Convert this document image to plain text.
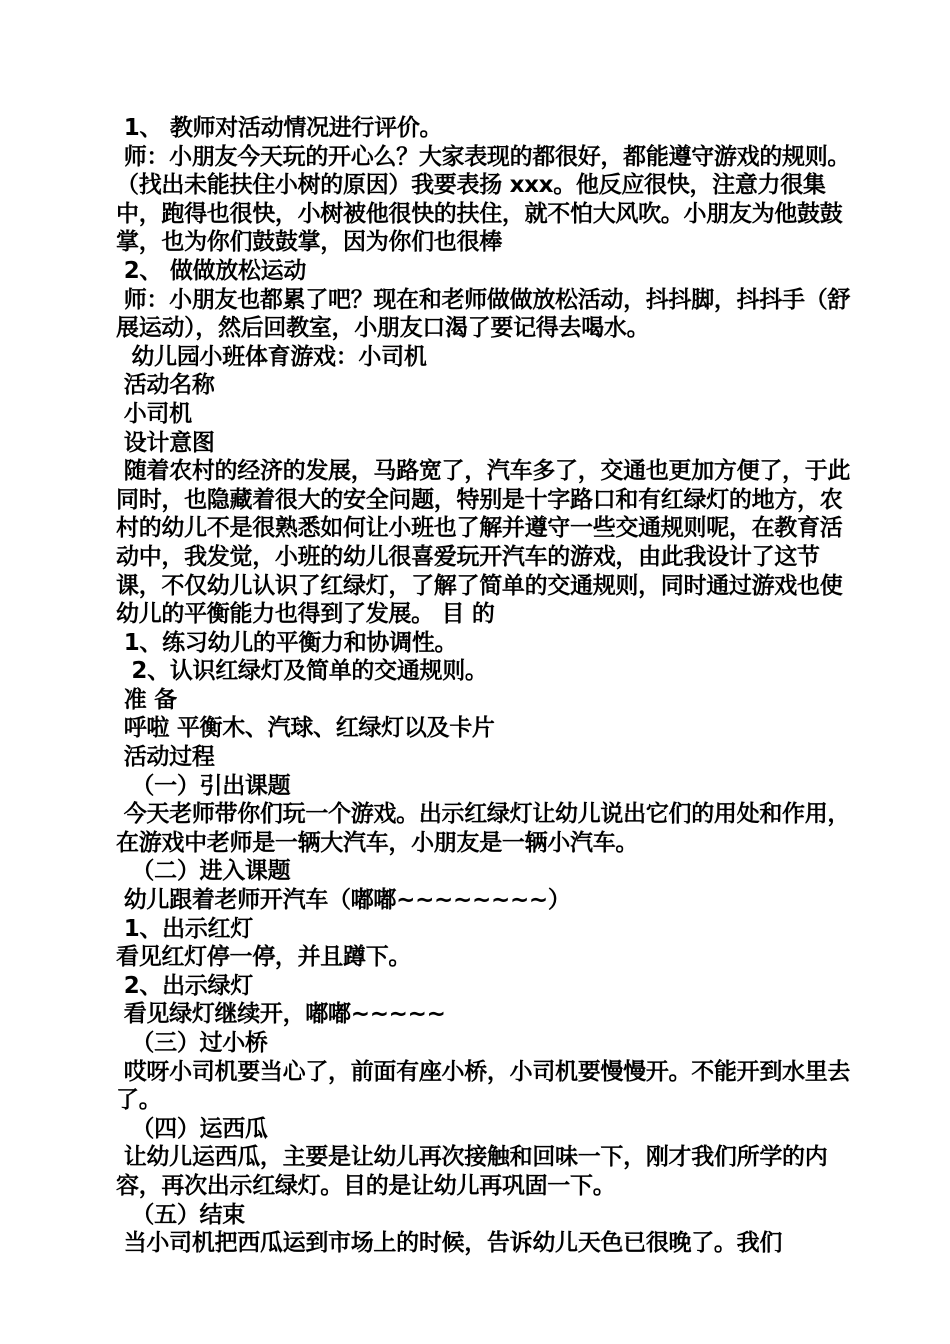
1、 教师对活动情况进行评价。

师：小朋友今天玩的开心么？大家表现的都很好，都能遵守游戏的规则。（找出未能扶住小树的原因）我要表扬 xxx。他反应很快，注意力很集中，跑得也很快，小树被他很快的扶住，就不怕大风吹。小朋友为他鼓鼓掌，也为你们鼓鼓掌，因为你们也很棒

2、 做做放松运动

师：小朋友也都累了吧？现在和老师做做放松活动，抖抖脚，抖抖手（舒展运动），然后回教室，小朋友口渴了要记得去喝水。

幼儿园小班体育游戏：小司机

活动名称

小司机

设计意图

随着农村的经济的发展，马路宽了，汽车多了，交通也更加方便了，于此同时，也隐藏着很大的安全问题，特别是十字路口和有红绿灯的地方，农村的幼儿不是很熟悉如何让小班也了解并遵守一些交通规则呢，在教育活动中，我发觉，小班的幼儿很喜爱玩开汽车的游戏，由此我设计了这节课，不仅幼儿认识了红绿灯，了解了简单的交通规则，同时通过游戏也使幼儿的平衡能力也得到了发展。 目 的

1、练习幼儿的平衡力和协调性。

2、认识红绿灯及简单的交通规则。

准 备

呼啦 平衡木、汽球、红绿灯以及卡片

活动过程

（一）引出课题

今天老师带你们玩一个游戏。出示红绿灯让幼儿说出它们的用处和作用，在游戏中老师是一辆大汽车，小朋友是一辆小汽车。

（二）进入课题

幼儿跟着老师开汽车（嘟嘟~~~~~~~~）

1、出示红灯

看见红灯停一停，并且蹲下。

2、出示绿灯

看见绿灯继续开，嘟嘟~~~~~

（三）过小桥

哎呀小司机要当心了，前面有座小桥，小司机要慢慢开。不能开到水里去了。

（四）运西瓜

让幼儿运西瓜，主要是让幼儿再次接触和回味一下，刚才我们所学的内容，再次出示红绿灯。目的是让幼儿再巩固一下。

（五）结束

当小司机把西瓜运到市场上的时候，告诉幼儿天色已很晚了。我们
